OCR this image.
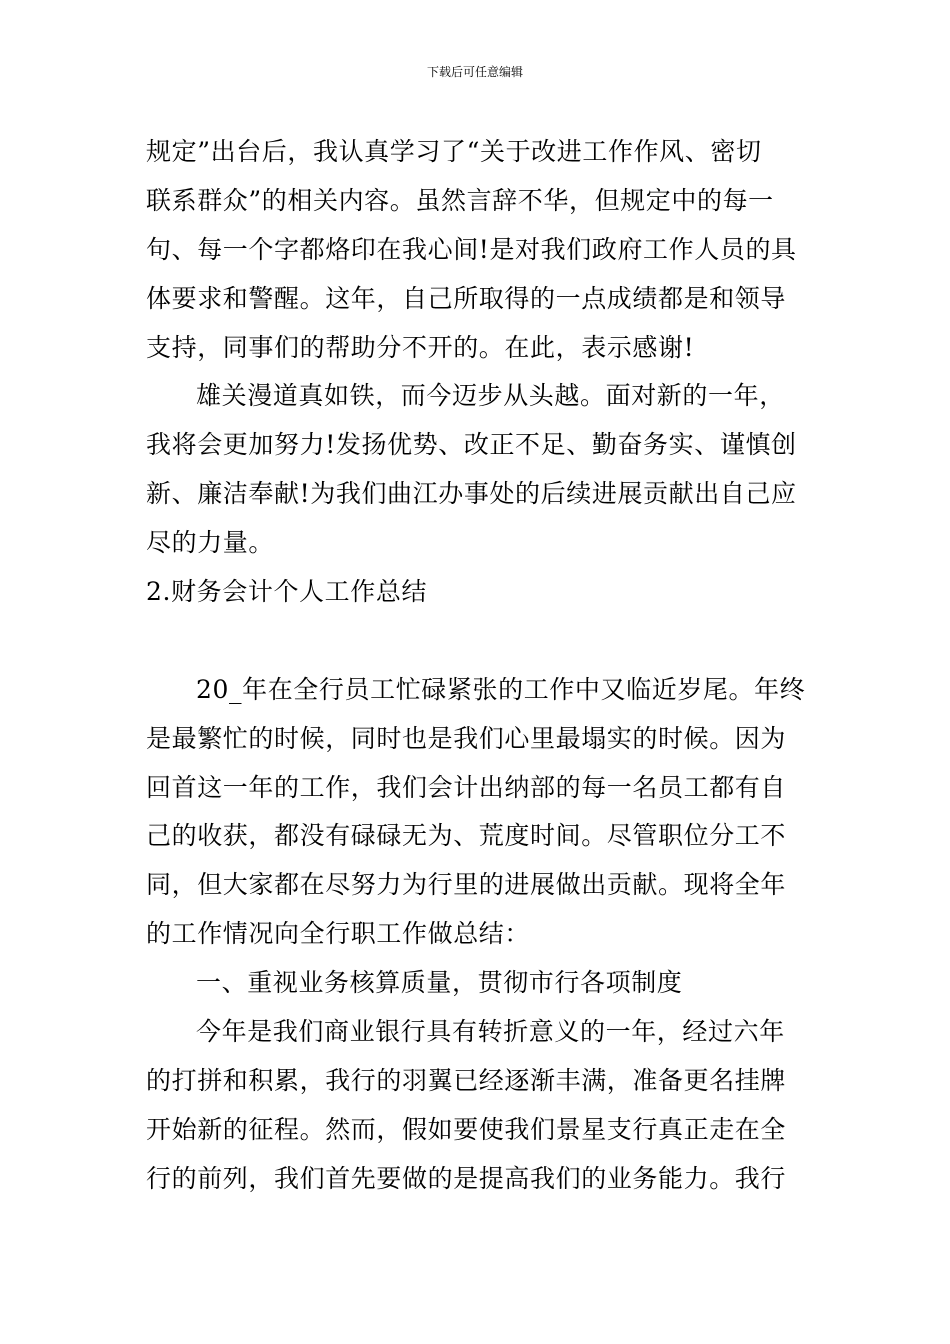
下载后可任意编辑
规定”出台后，我认真学习了“关于改进工作作风、密切
联系群众”的相关内容。虽然言辞不华，但规定中的每一
句、每一个字都烙印在我心间!是对我们政府工作人员的具
体要求和警醒。这年，自己所取得的一点成绩都是和领导
支持，同事们的帮助分不开的。在此，表示感谢!
雄关漫道真如铁，而今迈步从头越。面对新的一年，
我将会更加努力!发扬优势、改正不足、勤奋务实、谨慎创
新、廉洁奉献!为我们曲江办事处的后续进展贡献出自己应
尽的力量。
2.财务会计个人工作总结
20_年在全行员工忙碌紧张的工作中又临近岁尾。年终
是最繁忙的时候，同时也是我们心里最塌实的时候。因为
回首这一年的工作，我们会计出纳部的每一名员工都有自
己的收获，都没有碌碌无为、荒度时间。尽管职位分工不
同，但大家都在尽努力为行里的进展做出贡献。现将全年
的工作情况向全行职工作做总结：
一、重视业务核算质量，贯彻市行各项制度
今年是我们商业银行具有转折意义的一年，经过六年
的打拼和积累，我行的羽翼已经逐渐丰满，准备更名挂牌
开始新的征程。然而，假如要使我们景星支行真正走在全
行的前列，我们首先要做的是提高我们的业务能力。我行
